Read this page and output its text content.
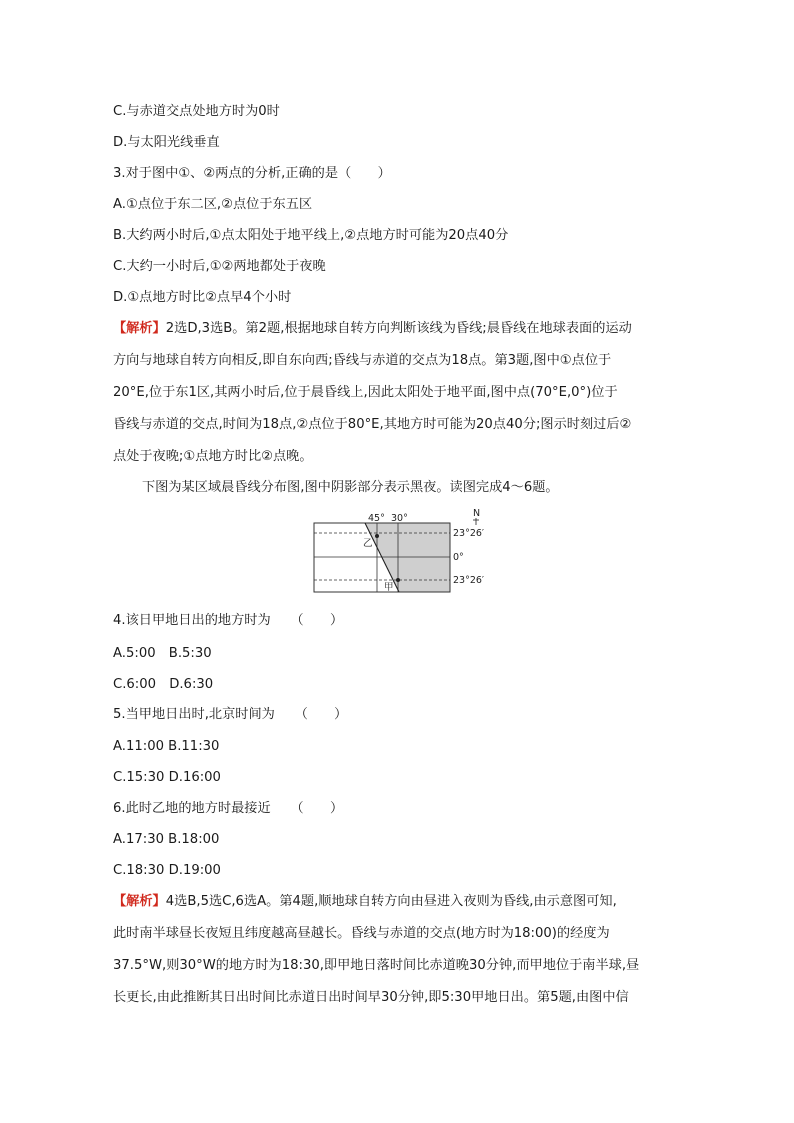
C.与赤道交点处地方时为0时
D.与太阳光线垂直
3.对于图中①、②两点的分析,正确的是（　　）
A.①点位于东二区,②点位于东五区
B.大约两小时后,①点太阳处于地平线上,②点地方时可能为20点40分
C.大约一小时后,①②两地都处于夜晚
D.①点地方时比②点早4个小时
【解析】2选D,3选B。第2题,根据地球自转方向判断该线为昏线;晨昏线在地球表面的运动
方向与地球自转方向相反,即自东向西;昏线与赤道的交点为18点。第3题,图中①点位于
20°E,位于东1区,其两小时后,位于晨昏线上,因此太阳处于地平面,图中点(70°E,0°)位于
昏线与赤道的交点,时间为18点,②点位于80°E,其地方时可能为20点40分;图示时刻过后②
点处于夜晚;①点地方时比②点晚。
下图为某区域晨昏线分布图,图中阴影部分表示黑夜。读图完成4～6题。
45° 30°	N
23°26′
0°
23°26′
乙
甲
4.该日甲地日出的地方时为　　（　　）
A.5:00　B.5:30
C.6:00　D.6:30
5.当甲地日出时,北京时间为　　（　　）
A.11:00 B.11:30
C.15:30 D.16:00
6.此时乙地的地方时最接近　　（　　）
A.17:30 B.18:00
C.18:30 D.19:00
【解析】4选B,5选C,6选A。第4题,顺地球自转方向由昼进入夜则为昏线,由示意图可知,
此时南半球昼长夜短且纬度越高昼越长。昏线与赤道的交点(地方时为18:00)的经度为
37.5°W,则30°W的地方时为18:30,即甲地日落时间比赤道晚30分钟,而甲地位于南半球,昼
长更长,由此推断其日出时间比赤道日出时间早30分钟,即5:30甲地日出。第5题,由图中信
